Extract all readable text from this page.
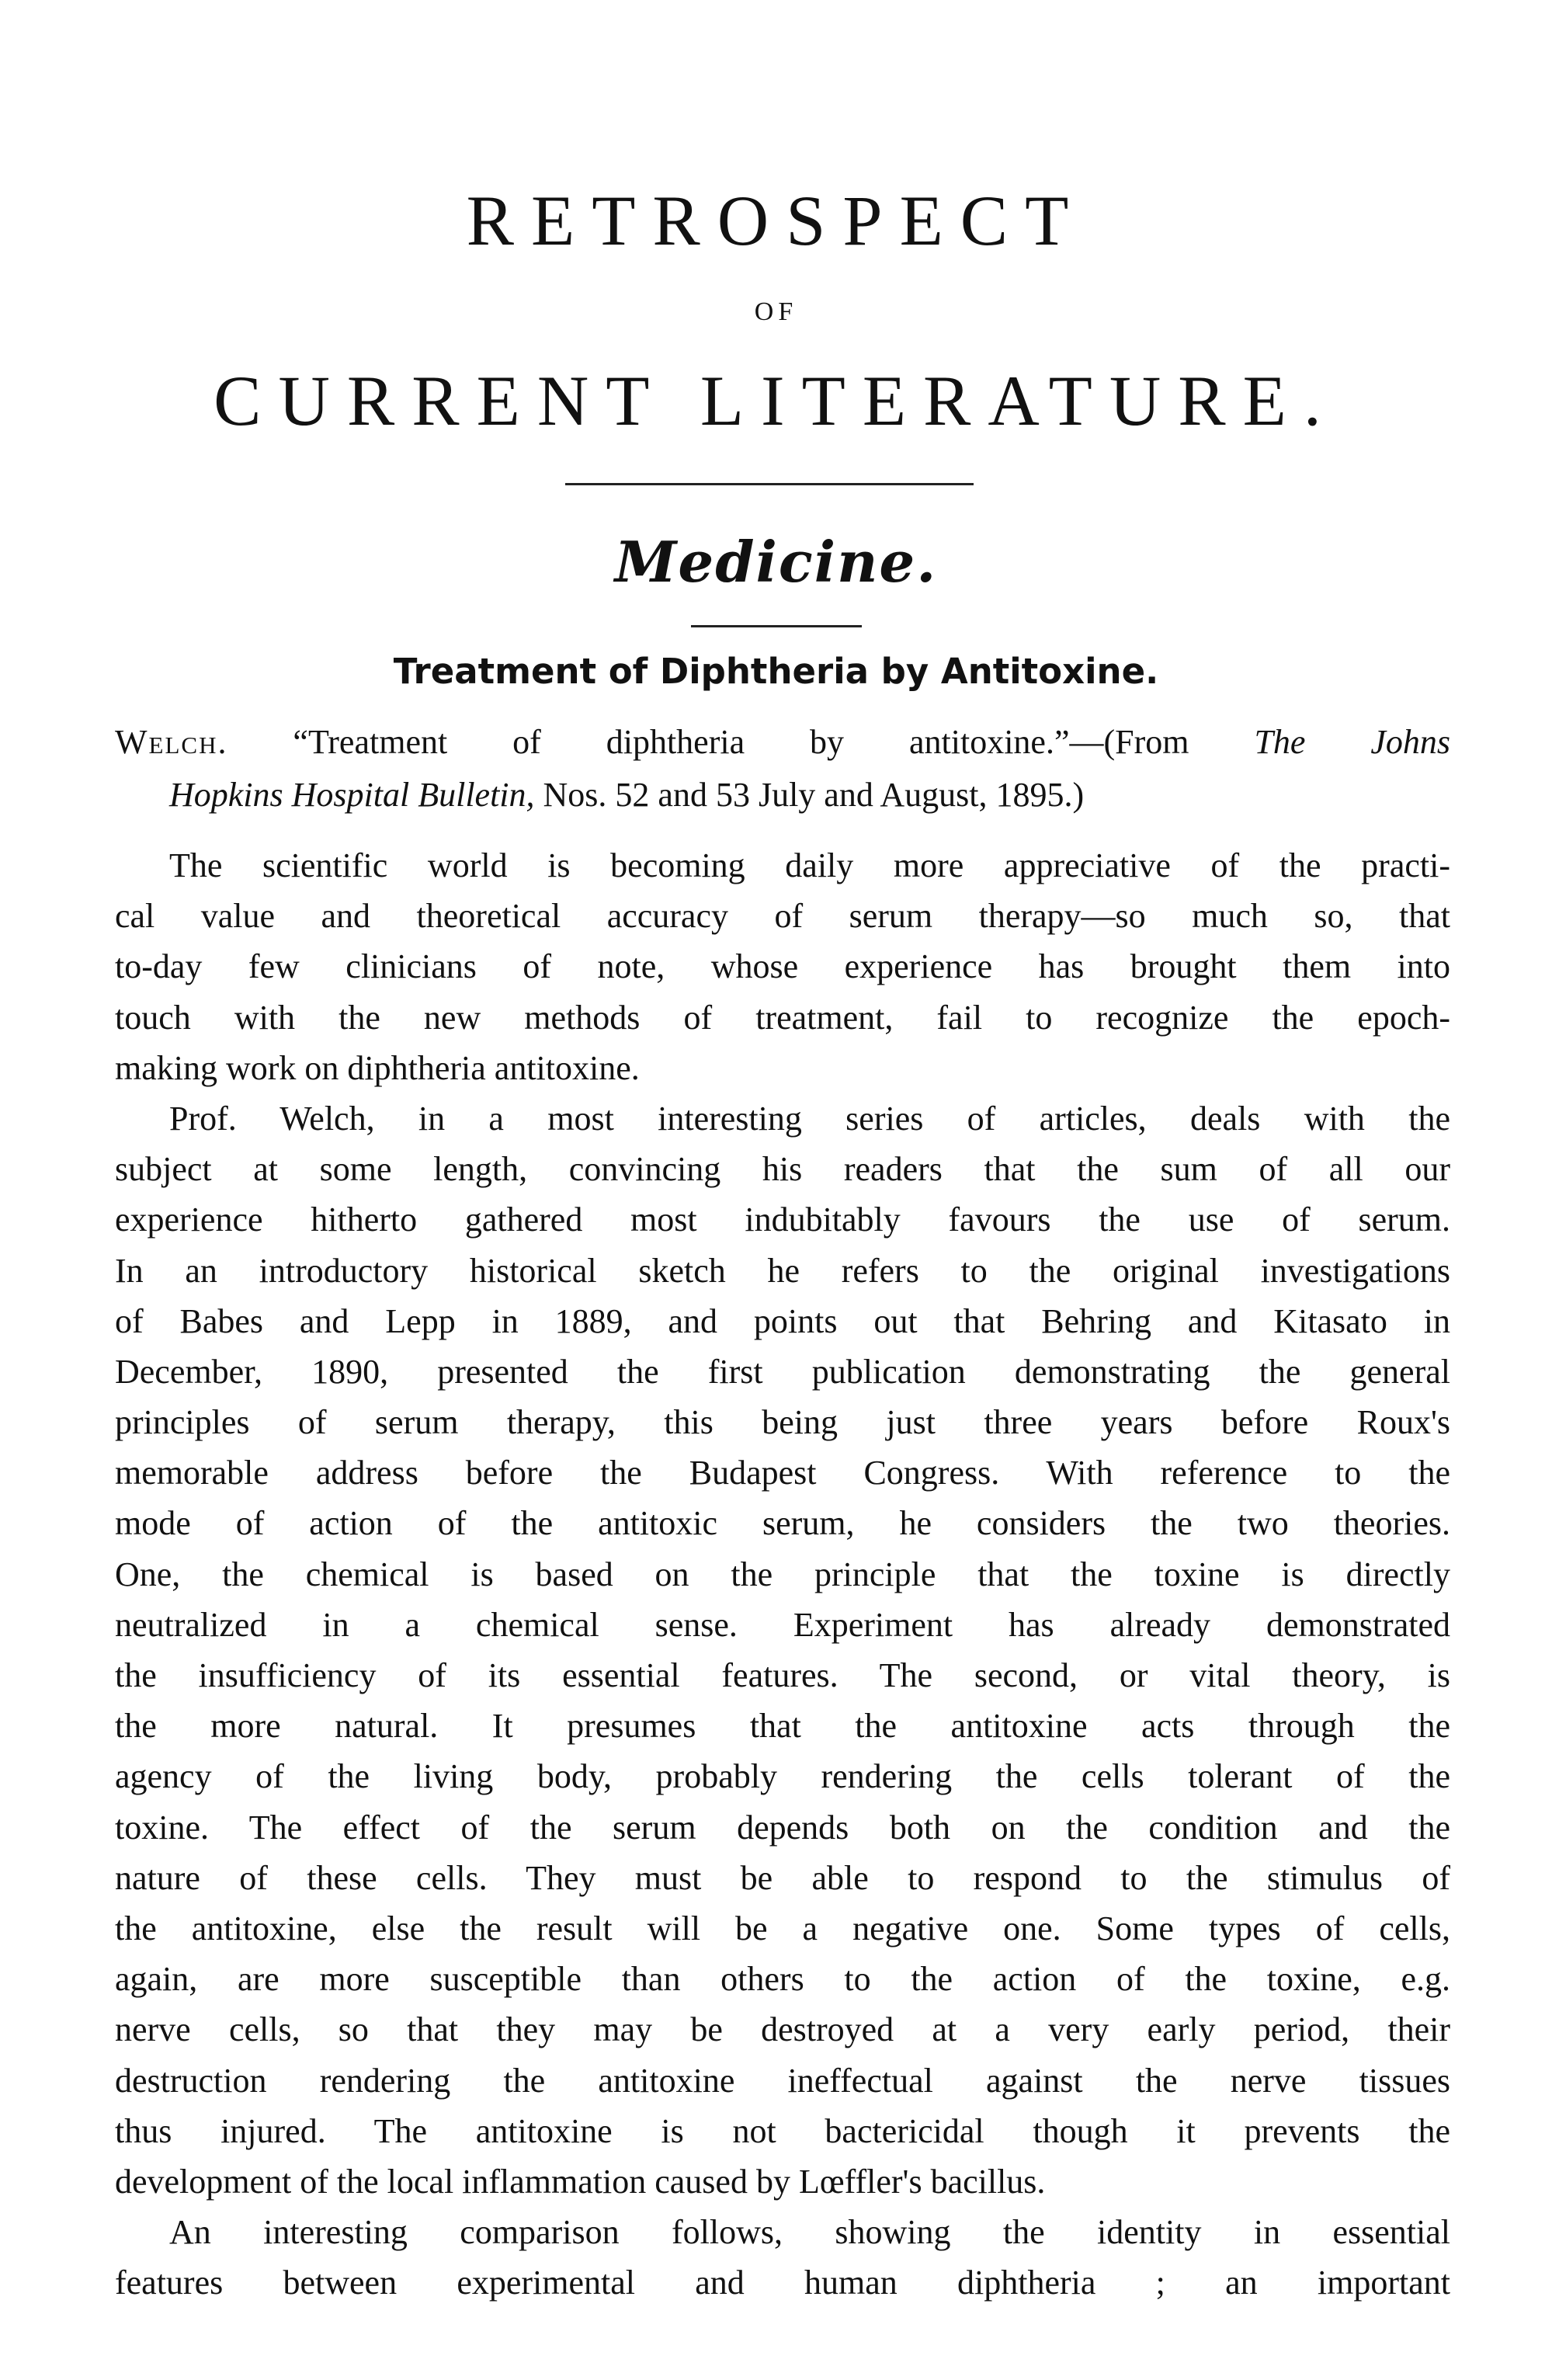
RETROSPECT
OF
CURRENT LITERATURE.
Medicine.
Treatment of Diphtheria by Antitoxine.
Welch. “Treatment of diphtheria by antitoxine.”—(From The Johns
Hopkins Hospital Bulletin, Nos. 52 and 53 July and August, 1895.)
The scientific world is becoming daily more appreciative of the practi-
cal value and theoretical accuracy of serum therapy—so much so, that
to-day few clinicians of note, whose experience has brought them into
touch with the new methods of treatment, fail to recognize the epoch-
making work on diphtheria antitoxine.
Prof. Welch, in a most interesting series of articles, deals with the
subject at some length, convincing his readers that the sum of all our
experience hitherto gathered most indubitably favours the use of serum.
In an introductory historical sketch he refers to the original investigations
of Babes and Lepp in 1889, and points out that Behring and Kitasato in
December, 1890, presented the first publication demonstrating the general
principles of serum therapy, this being just three years before Roux's
memorable address before the Budapest Congress. With reference to the
mode of action of the antitoxic serum, he considers the two theories.
One, the chemical is based on the principle that the toxine is directly
neutralized in a chemical sense. Experiment has already demonstrated
the insufficiency of its essential features. The second, or vital theory, is
the more natural. It presumes that the antitoxine acts through the
agency of the living body, probably rendering the cells tolerant of the
toxine. The effect of the serum depends both on the condition and the
nature of these cells. They must be able to respond to the stimulus of
the antitoxine, else the result will be a negative one. Some types of cells,
again, are more susceptible than others to the action of the toxine, e.g.
nerve cells, so that they may be destroyed at a very early period, their
destruction rendering the antitoxine ineffectual against the nerve tissues
thus injured. The antitoxine is not bactericidal though it prevents the
development of the local inflammation caused by Lœffler's bacillus.
An interesting comparison follows, showing the identity in essential
features between experimental and human diphtheria ; an important
